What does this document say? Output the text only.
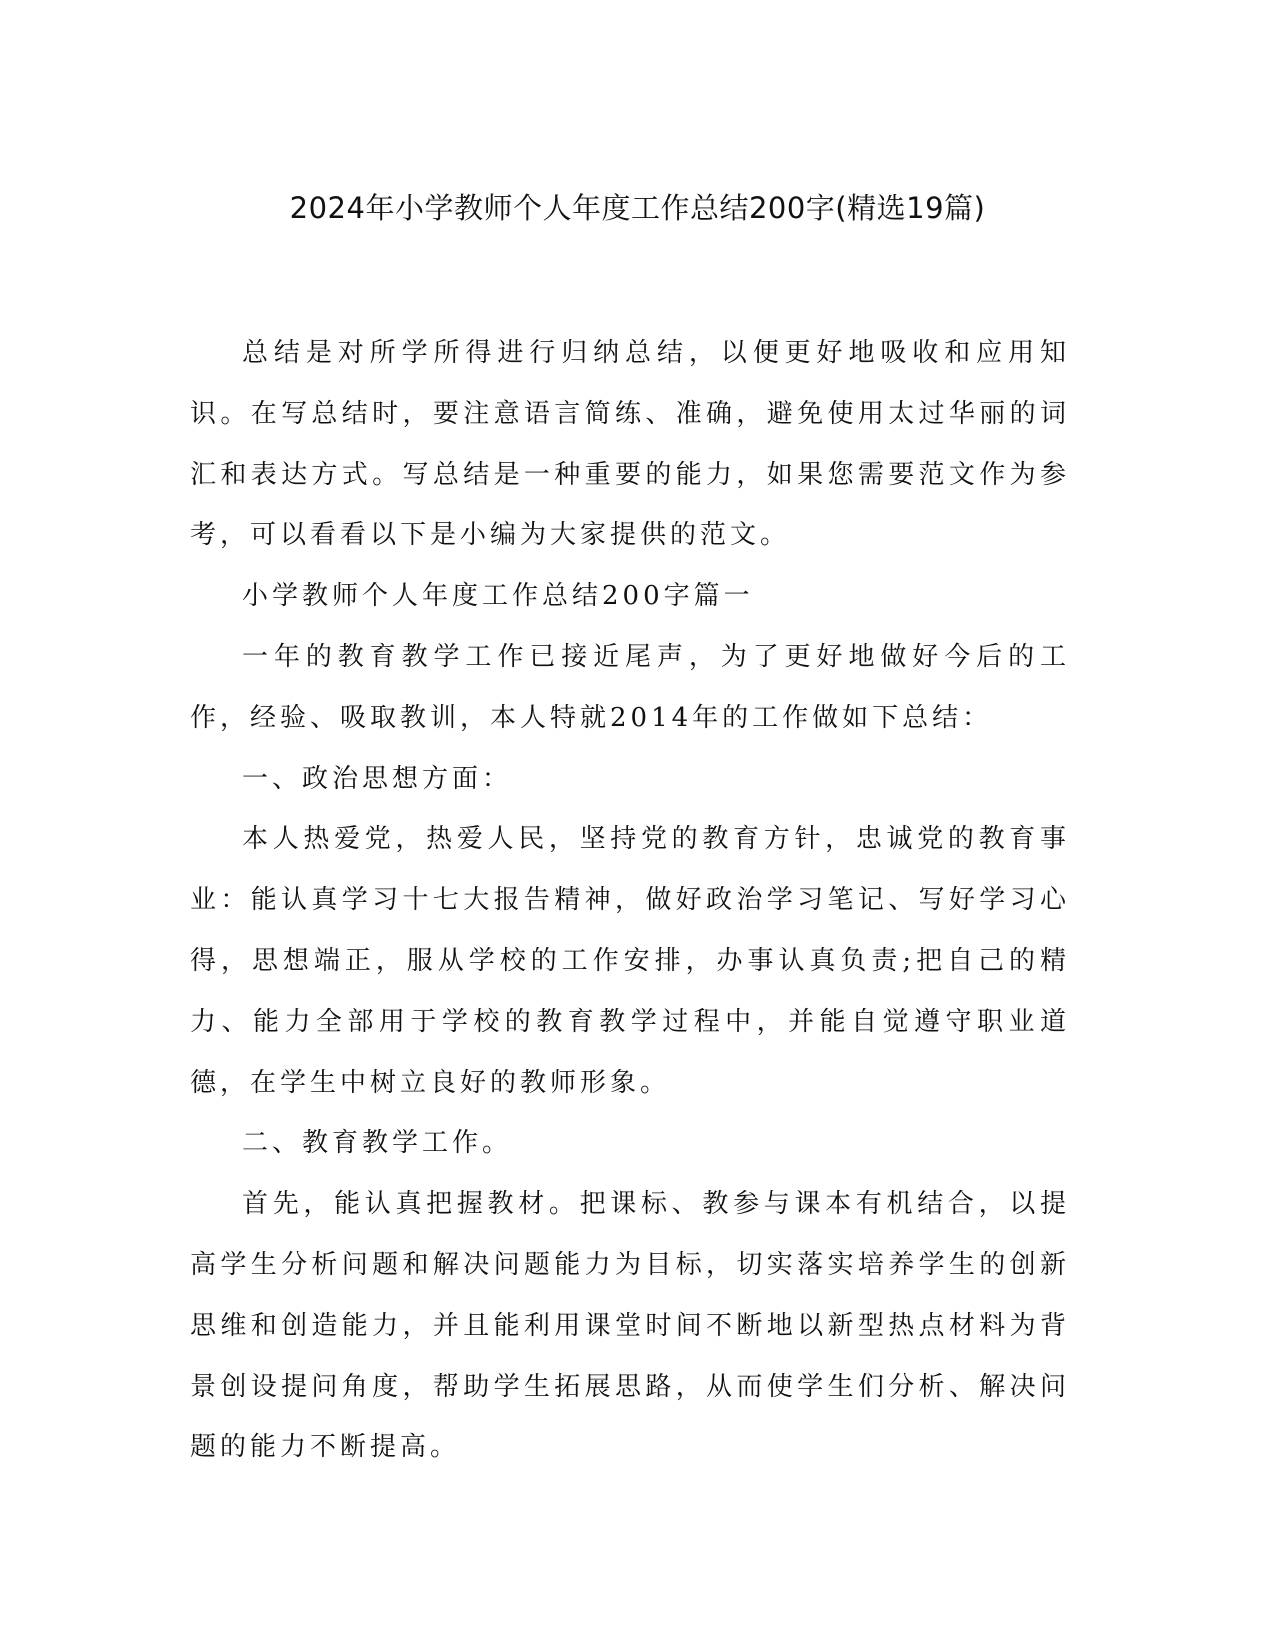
2024年小学教师个人年度工作总结200字(精选19篇)

总结是对所学所得进行归纳总结，以便更好地吸收和应用知识。在写总结时，要注意语言简练、准确，避免使用太过华丽的词汇和表达方式。写总结是一种重要的能力，如果您需要范文作为参考，可以看看以下是小编为大家提供的范文。

小学教师个人年度工作总结200字篇一

一年的教育教学工作已接近尾声，为了更好地做好今后的工作，经验、吸取教训，本人特就2014年的工作做如下总结：

一、政治思想方面：

本人热爱党，热爱人民，坚持党的教育方针，忠诚党的教育事业：能认真学习十七大报告精神，做好政治学习笔记、写好学习心得，思想端正，服从学校的工作安排，办事认真负责;把自己的精力、能力全部用于学校的教育教学过程中，并能自觉遵守职业道德，在学生中树立良好的教师形象。

二、教育教学工作。

首先，能认真把握教材。把课标、教参与课本有机结合，以提高学生分析问题和解决问题能力为目标，切实落实培养学生的创新思维和创造能力，并且能利用课堂时间不断地以新型热点材料为背景创设提问角度，帮助学生拓展思路，从而使学生们分析、解决问题的能力不断提高。
